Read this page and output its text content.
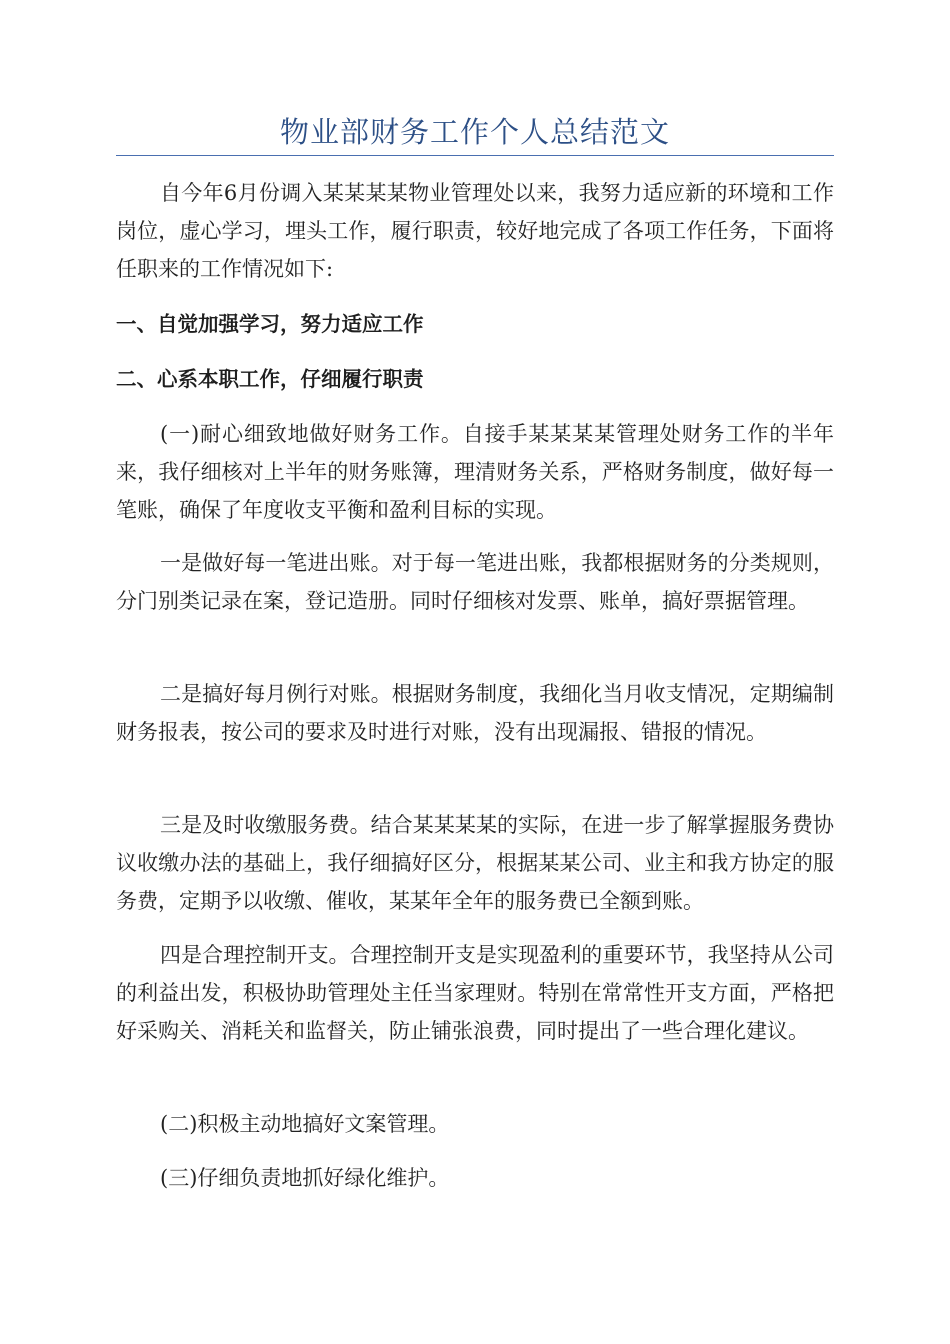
物业部财务工作个人总结范文

自今年6月份调入某某某某物业管理处以来，我努力适应新的环境和工作岗位，虚心学习，埋头工作，履行职责，较好地完成了各项工作任务，下面将任职来的工作情况如下:

一、自觉加强学习，努力适应工作

二、心系本职工作，仔细履行职责

(一)耐心细致地做好财务工作。自接手某某某某管理处财务工作的半年来，我仔细核对上半年的财务账簿，理清财务关系，严格财务制度，做好每一笔账，确保了年度收支平衡和盈利目标的实现。

一是做好每一笔进出账。对于每一笔进出账，我都根据财务的分类规则，分门别类记录在案，登记造册。同时仔细核对发票、账单，搞好票据管理。

二是搞好每月例行对账。根据财务制度，我细化当月收支情况，定期编制财务报表，按公司的要求及时进行对账，没有出现漏报、错报的情况。

三是及时收缴服务费。结合某某某某的实际，在进一步了解掌握服务费协议收缴办法的基础上，我仔细搞好区分，根据某某公司、业主和我方协定的服务费，定期予以收缴、催收，某某年全年的服务费已全额到账。

四是合理控制开支。合理控制开支是实现盈利的重要环节，我坚持从公司的利益出发，积极协助管理处主任当家理财。特别在常常性开支方面，严格把好采购关、消耗关和监督关，防止铺张浪费，同时提出了一些合理化建议。

(二)积极主动地搞好文案管理。

(三)仔细负责地抓好绿化维护。
